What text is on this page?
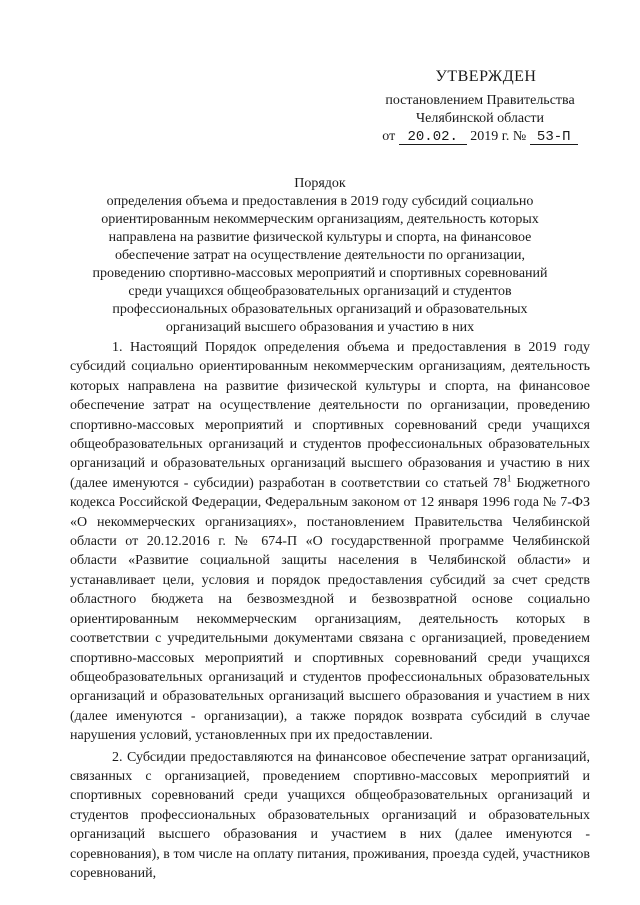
УТВЕРЖДЕН
постановлением Правительства
Челябинской области
от 20.02. 2019 г. № 53-П
Порядок
определения объема и предоставления в 2019 году субсидий социально ориентированным некоммерческим организациям, деятельность которых направлена на развитие физической культуры и спорта, на финансовое обеспечение затрат на осуществление деятельности по организации, проведению спортивно-массовых мероприятий и спортивных соревнований среди учащихся общеобразовательных организаций и студентов профессиональных образовательных организаций и образовательных организаций высшего образования и участию в них

1. Настоящий Порядок определения объема и предоставления в 2019 году субсидий социально ориентированным некоммерческим организациям, деятельность которых направлена на развитие физической культуры и спорта, на финансовое обеспечение затрат на осуществление деятельности по организации, проведению спортивно-массовых мероприятий и спортивных соревнований среди учащихся общеобразовательных организаций и студентов профессиональных образовательных организаций и образовательных организаций высшего образования и участию в них (далее именуются - субсидии) разработан в соответствии со статьей $78^1$ Бюджетного кодекса Российской Федерации, Федеральным законом от 12 января 1996 года № 7-ФЗ «О некоммерческих организациях», постановлением Правительства Челябинской области от 20.12.2016 г. № 674-П «О государственной программе Челябинской области «Развитие социальной защиты населения в Челябинской области» и устанавливает цели, условия и порядок предоставления субсидий за счет средств областного бюджета на безвозмездной и безвозвратной основе социально ориентированным некоммерческим организациям, деятельность которых в соответствии с учредительными документами связана с организацией, проведением спортивно-массовых мероприятий и спортивных соревнований среди учащихся общеобразовательных организаций и студентов профессиональных образовательных организаций и образовательных организаций высшего образования и участием в них (далее именуются - организации), а также порядок возврата субсидий в случае нарушения условий, установленных при их предоставлении.

2. Субсидии предоставляются на финансовое обеспечение затрат организаций, связанных с организацией, проведением спортивно-массовых мероприятий и спортивных соревнований среди учащихся общеобразовательных организаций и студентов профессиональных образовательных организаций и образовательных организаций высшего образования и участием в них (далее именуются - соревнования), в том числе на оплату питания, проживания, проезда судей, участников соревнований,
